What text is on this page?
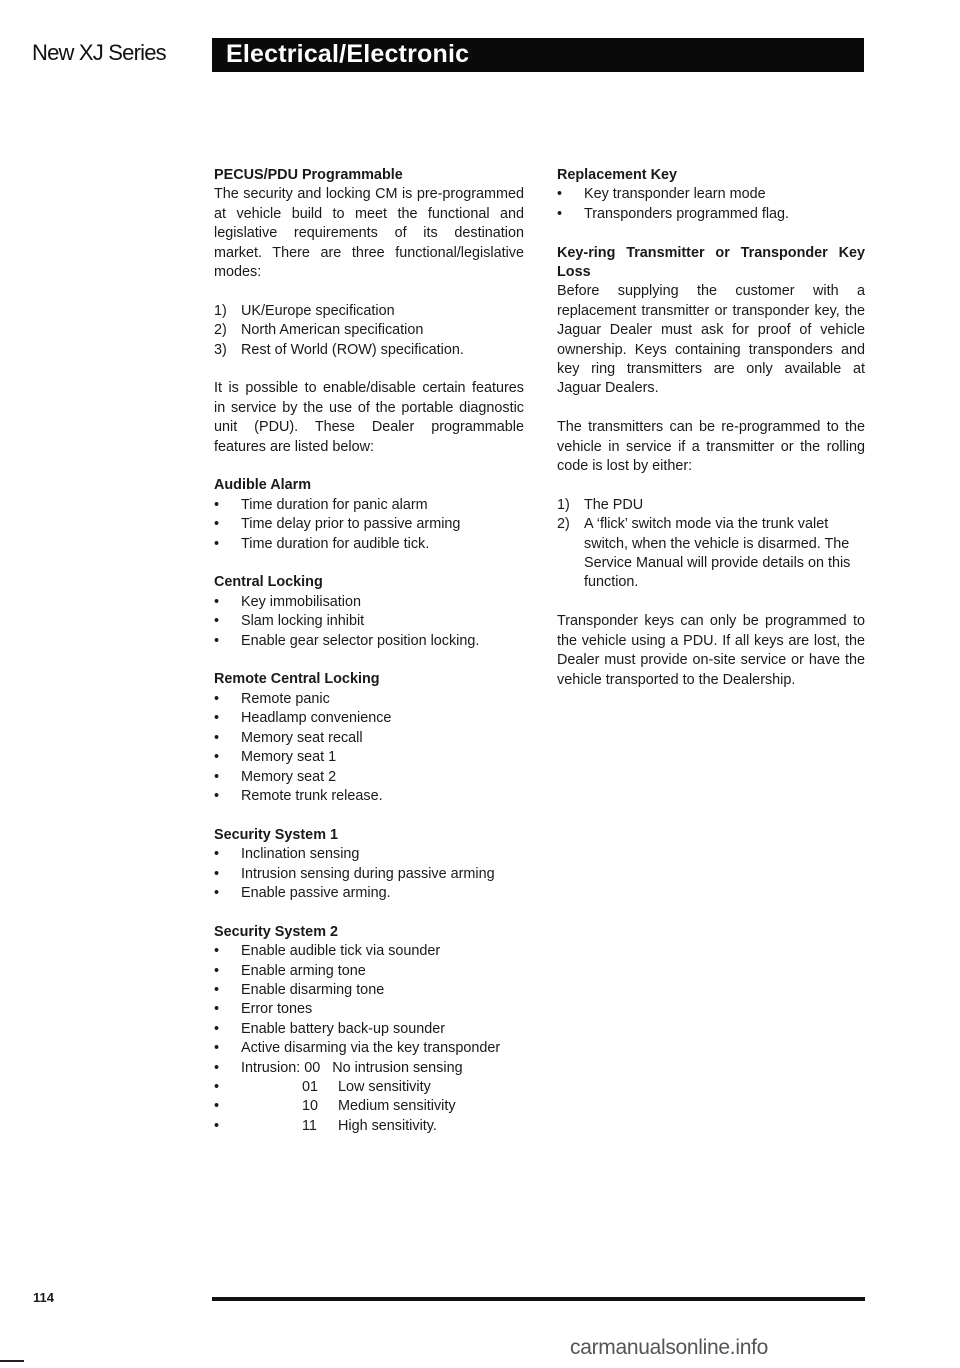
New XJ Series Electrical/Electronic
PECUS/PDU Programmable

The security and locking CM is pre-programmed at vehicle build to meet the functional and legislative requirements of its destination market. There are three functional/legislative modes:

1) UK/Europe specification
2) North American specification
3) Rest of World (ROW) specification.

It is possible to enable/disable certain features in service by the use of the portable diagnostic unit (PDU). These Dealer programmable features are listed below:

Audible Alarm
• Time duration for panic alarm
• Time delay prior to passive arming
• Time duration for audible tick.
Central Locking
• Key immobilisation
• Slam locking inhibit
• Enable gear selector position locking.
Remote Central Locking
• Remote panic
• Headlamp convenience
• Memory seat recall
• Memory seat 1
• Memory seat 2
• Remote trunk release.
Security System 1
• Inclination sensing
• Intrusion sensing during passive arming
• Enable passive arming.
Security System 2
• Enable audible tick via sounder
• Enable arming tone
• Enable disarming tone
• Error tones
• Enable battery back-up sounder
• Active disarming via the key transponder
• Intrusion: 00   No intrusion sensing
• 01 Low sensitivity
• 10 Medium sensitivity
• 11 High sensitivity.
Replacement Key
• Key transponder learn mode
• Transponders programmed flag.
Key-ring Transmitter or Transponder Key Loss

Before supplying the customer with a replacement transmitter or transponder key, the Jaguar Dealer must ask for proof of vehicle ownership. Keys containing transponders and key ring transmitters are only available at Jaguar Dealers.

The transmitters can be re-programmed to the vehicle in service if a transmitter or the rolling code is lost by either:

1) The PDU
2) A ‘flick’ switch mode via the trunk valet switch, when the vehicle is disarmed. The Service Manual will provide details on this function.

Transponder keys can only be programmed to the vehicle using a PDU. If all keys are lost, the Dealer must provide on-site service or have the vehicle transported to the Dealership.

114
carmanualsonline.info
